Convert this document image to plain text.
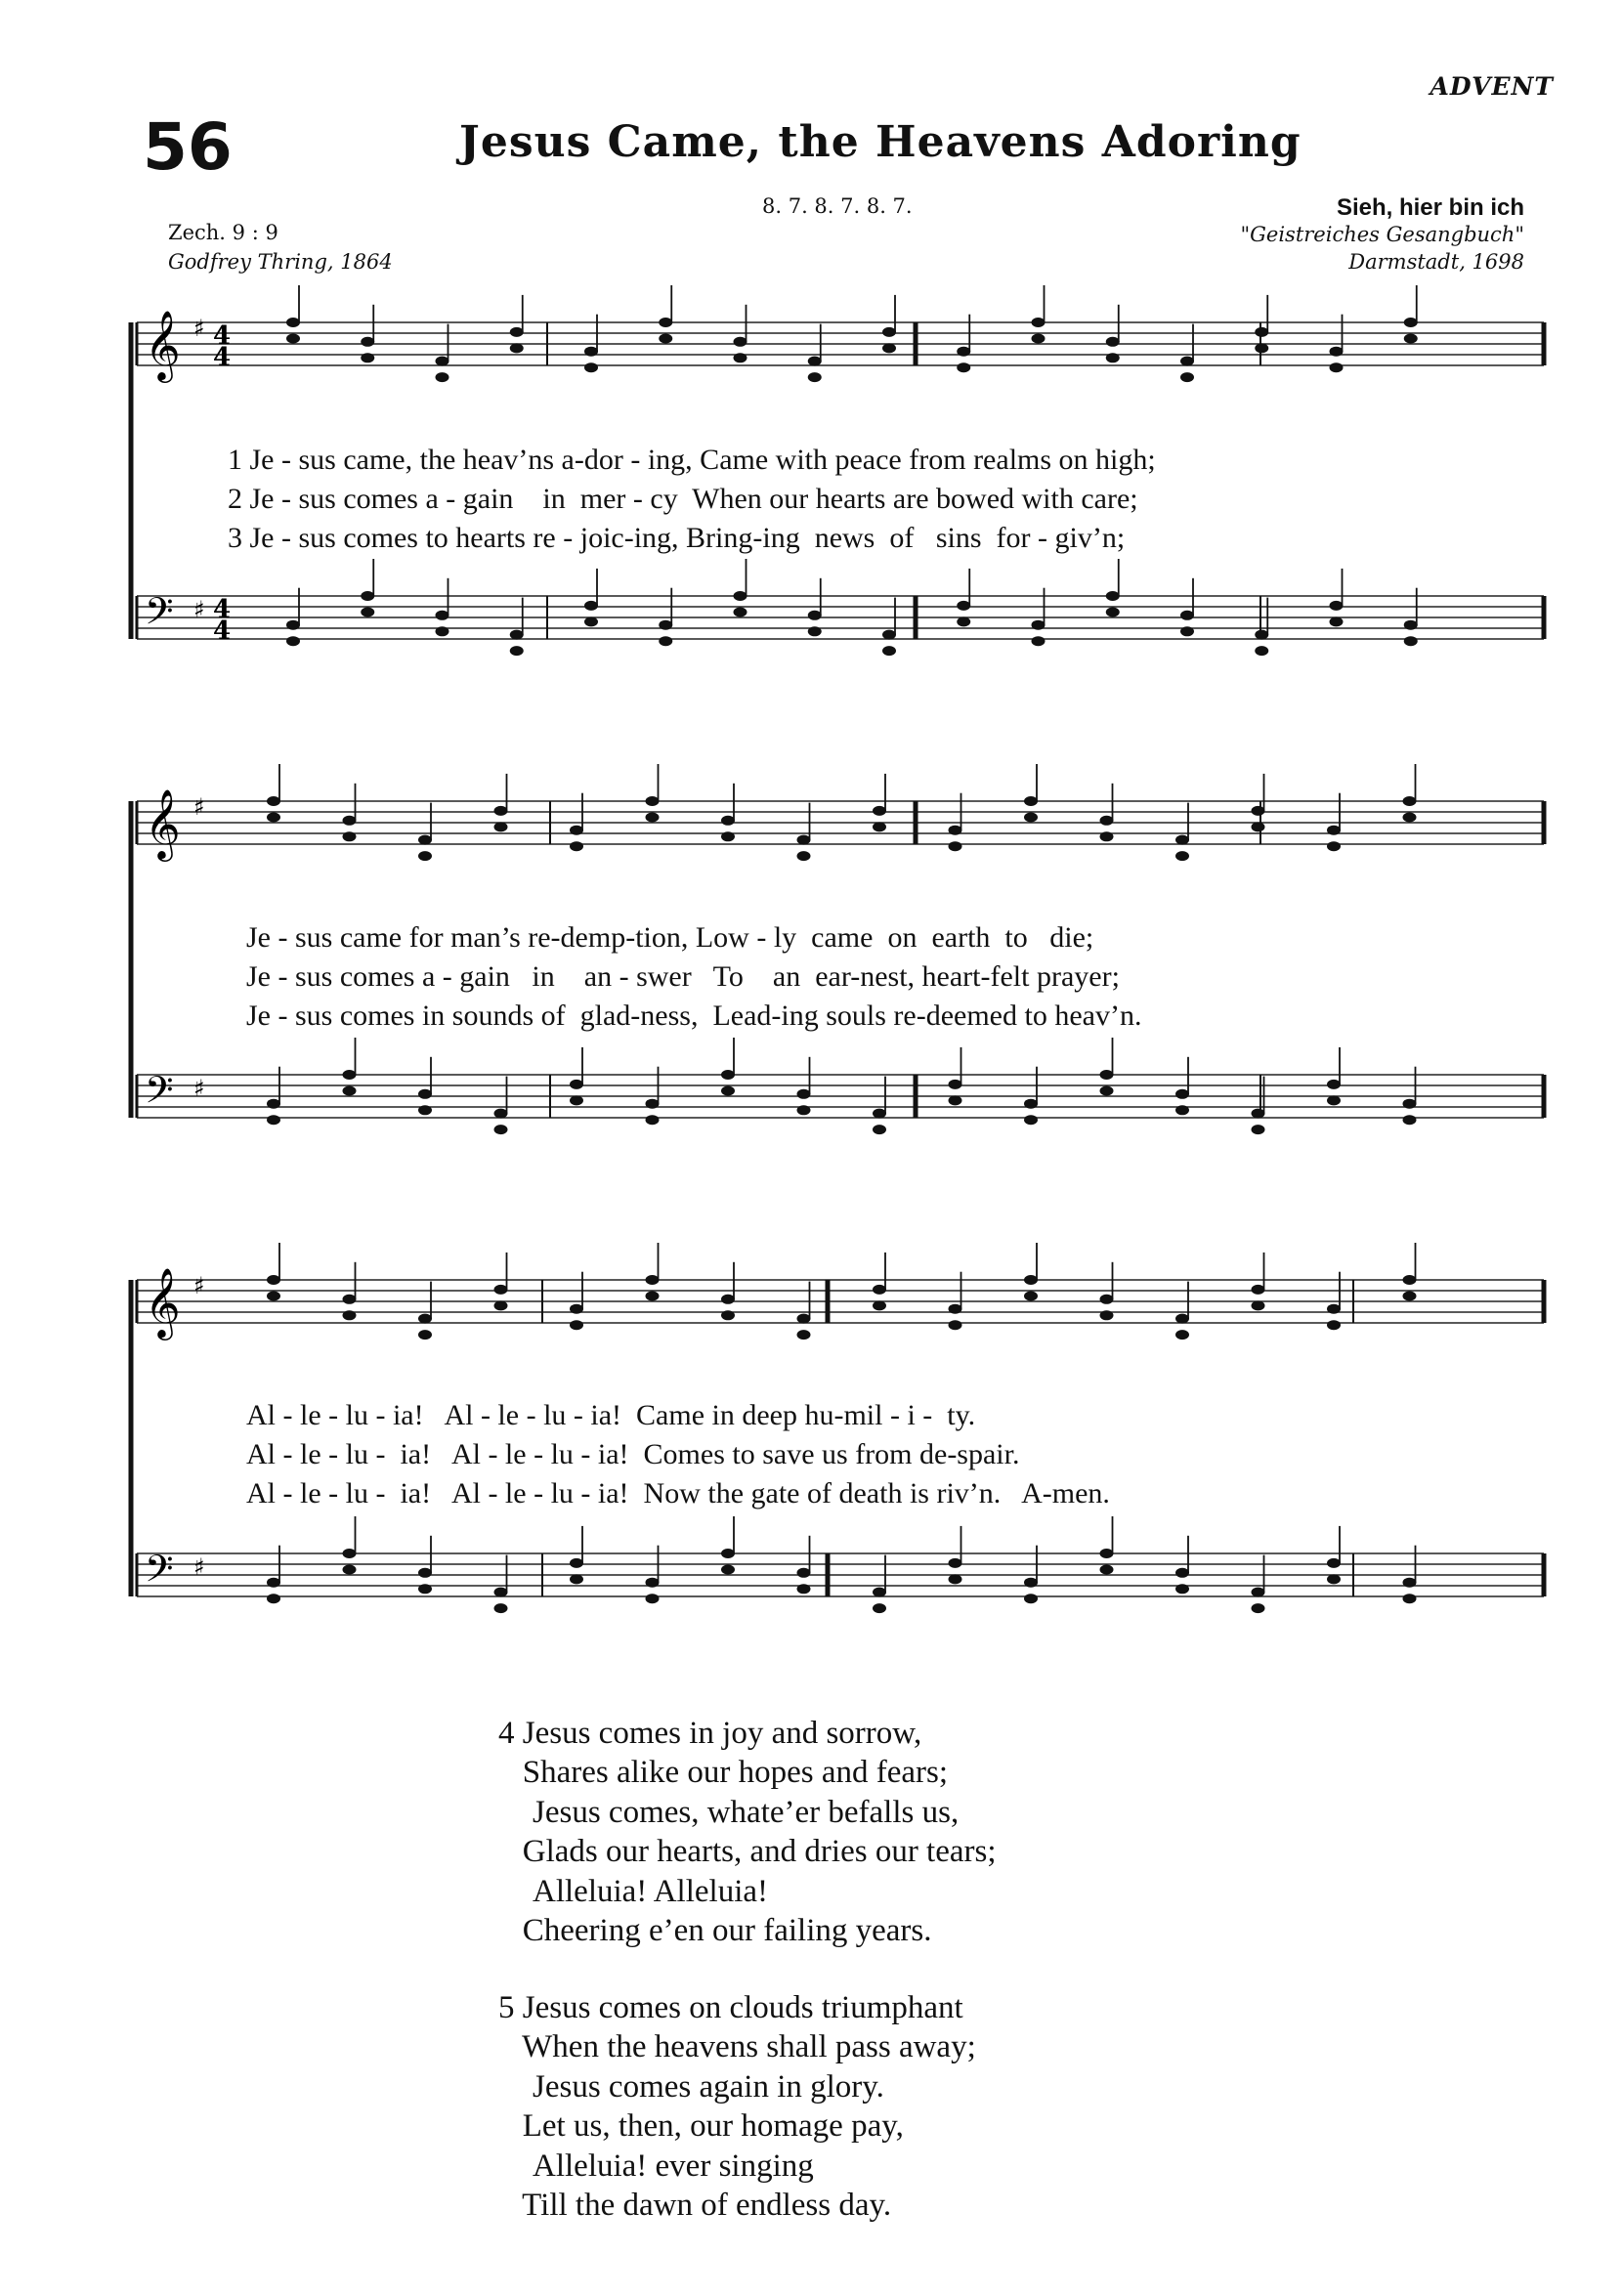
56
ADVENT
Jesus Came, the Heavens Adoring
8. 7. 8. 7. 8. 7.	Sieh, hier bin ich
"Geistreiches Gesangbuch"
Darmstadt, 1698
Zech. 9 : 9
Godfrey Thring, 1864
𝄞 ♯ 4
4
𝄢 ♯ 4
4
𝄞 ♯
𝄢 ♯
𝄞 ♯
𝄢 ♯
1 Je - sus came, the heav’ns a-dor - ing, Came with peace from realms on high;
2 Je - sus comes a - gain    in  mer - cy  When our hearts are bowed with care;
3 Je - sus comes to hearts re - joic-ing, Bring-ing  news  of   sins  for - giv’n;
Je - sus came for man’s re-demp-tion, Low - ly  came  on  earth  to   die;
Je - sus comes a - gain   in    an - swer   To    an  ear-nest, heart-felt prayer;
Je - sus comes in sounds of  glad-ness,  Lead-ing souls re-deemed to heav’n.
Al - le - lu - ia!   Al - le - lu - ia!  Came in deep hu-mil - i -  ty.
Al - le - lu -  ia!   Al - le - lu - ia!  Comes to save us from de-spair.
Al - le - lu -  ia!   Al - le - lu - ia!  Now the gate of death is riv’n.   A-men.
4 Jesus comes in joy and sorrow,
Shares alike our hopes and fears;
Jesus comes, whate’er befalls us,
Glads our hearts, and dries our tears;
Alleluia! Alleluia!
Cheering e’en our failing years.
5 Jesus comes on clouds triumphant
When the heavens shall pass away;
Jesus comes again in glory.
Let us, then, our homage pay,
Alleluia! ever singing
Till the dawn of endless day.
